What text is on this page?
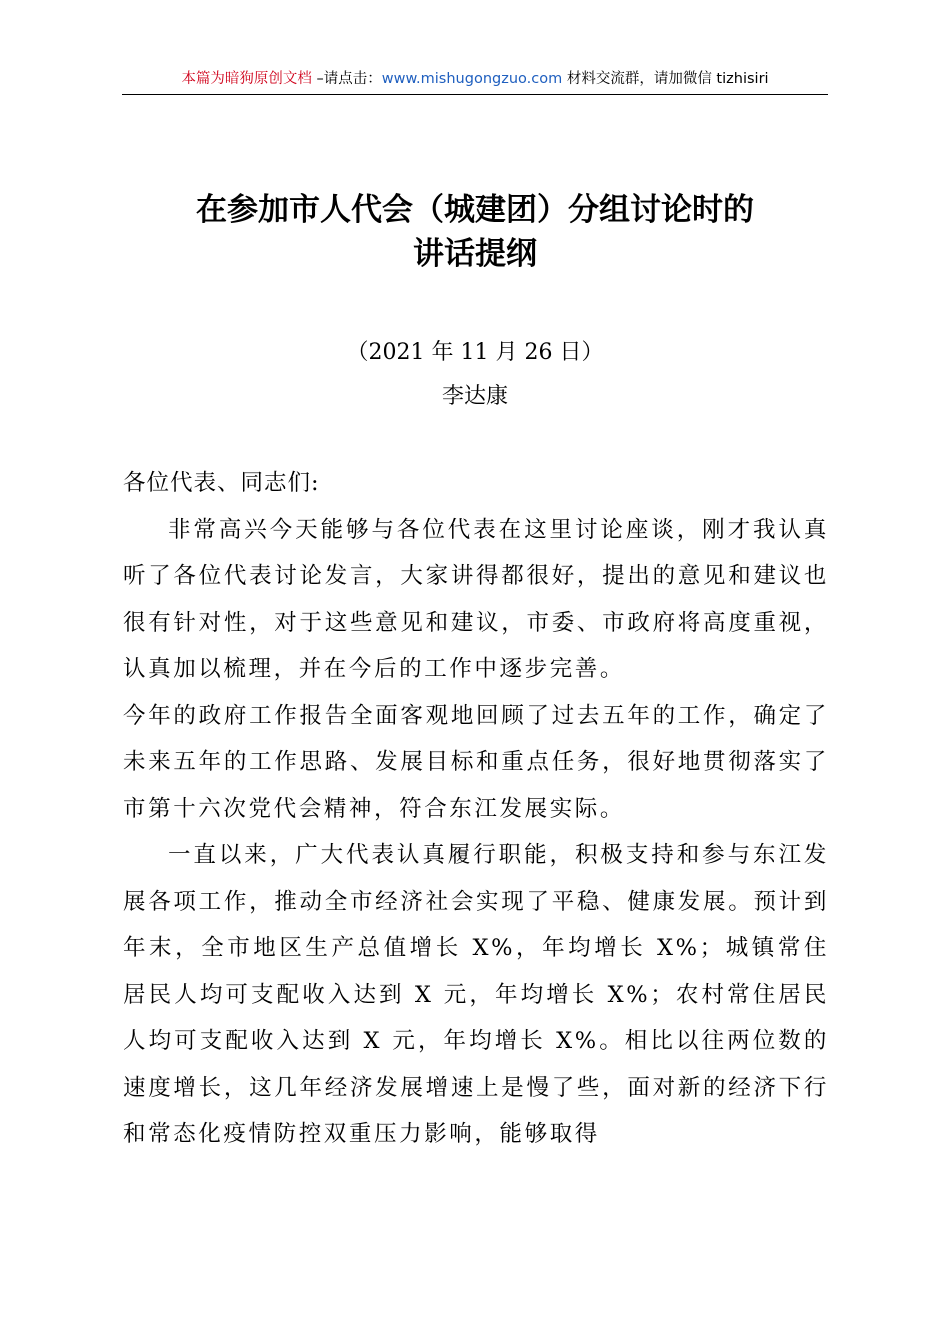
本篇为暗狗原创文档 –请点击：www.mishugongzuo.com 材料交流群，请加微信 tizhisiri
在参加市人代会（城建团）分组讨论时的
讲话提纲
（2021 年 11 月 26 日）
李达康

各位代表、同志们:

非常高兴今天能够与各位代表在这里讨论座谈，刚才我认真听了各位代表讨论发言，大家讲得都很好，提出的意见和建议也很有针对性，对于这些意见和建议，市委、市政府将高度重视，认真加以梳理，并在今后的工作中逐步完善。

今年的政府工作报告全面客观地回顾了过去五年的工作，确定了未来五年的工作思路、发展目标和重点任务，很好地贯彻落实了市第十六次党代会精神，符合东江发展实际。

一直以来，广大代表认真履行职能，积极支持和参与东江发展各项工作，推动全市经济社会实现了平稳、健康发展。预计到年末，全市地区生产总值增长 X%，年均增长 X%；城镇常住居民人均可支配收入达到 X 元，年均增长 X%；农村常住居民人均可支配收入达到 X 元，年均增长 X%。相比以往两位数的速度增长，这几年经济发展增速上是慢了些，面对新的经济下行和常态化疫情防控双重压力影响，能够取得
